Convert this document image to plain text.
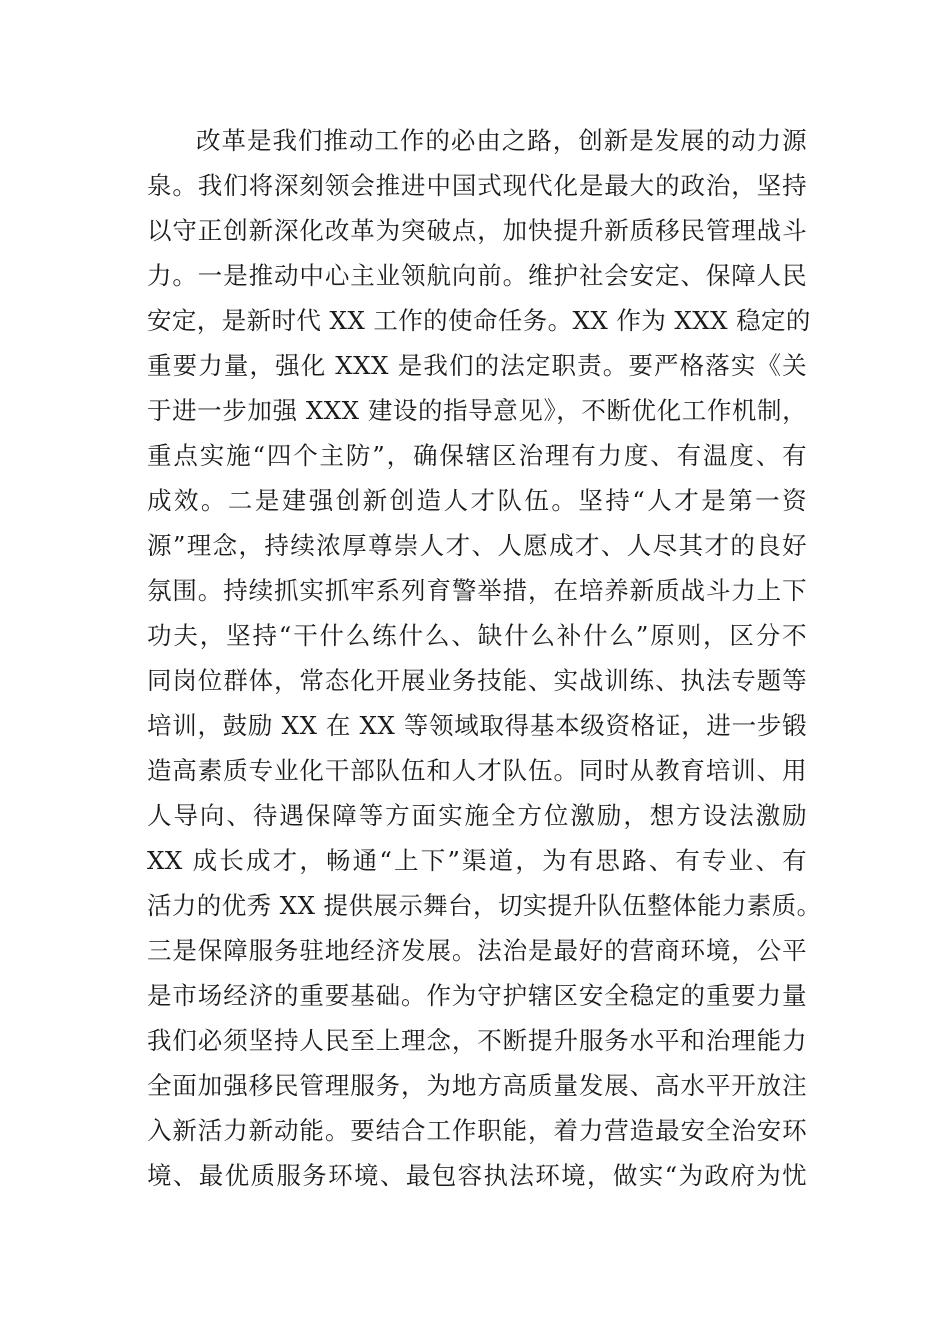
改革是我们推动工作的必由之路，创新是发展的动力源
泉。我们将深刻领会推进中国式现代化是最大的政治，坚持
以守正创新深化改革为突破点，加快提升新质移民管理战斗
力。一是推动中心主业领航向前。维护社会安定、保障人民
安定，是新时代 XX 工作的使命任务。XX 作为 XXX 稳定的
重要力量，强化 XXX 是我们的法定职责。要严格落实《关
于进一步加强 XXX 建设的指导意见》，不断优化工作机制，
重点实施“四个主防”，确保辖区治理有力度、有温度、有
成效。二是建强创新创造人才队伍。坚持“人才是第一资
源”理念，持续浓厚尊崇人才、人愿成才、人尽其才的良好
氛围。持续抓实抓牢系列育警举措，在培养新质战斗力上下
功夫，坚持“干什么练什么、缺什么补什么”原则，区分不
同岗位群体，常态化开展业务技能、实战训练、执法专题等
培训，鼓励 XX 在 XX 等领域取得基本级资格证，进一步锻
造高素质专业化干部队伍和人才队伍。同时从教育培训、用
人导向、待遇保障等方面实施全方位激励，想方设法激励
XX 成长成才，畅通“上下”渠道，为有思路、有专业、有
活力的优秀 XX 提供展示舞台，切实提升队伍整体能力素质。
三是保障服务驻地经济发展。法治是最好的营商环境，公平
是市场经济的重要基础。作为守护辖区安全稳定的重要力量
我们必须坚持人民至上理念，不断提升服务水平和治理能力
全面加强移民管理服务，为地方高质量发展、高水平开放注
入新活力新动能。要结合工作职能，着力营造最安全治安环
境、最优质服务环境、最包容执法环境，做实“为政府为忧
